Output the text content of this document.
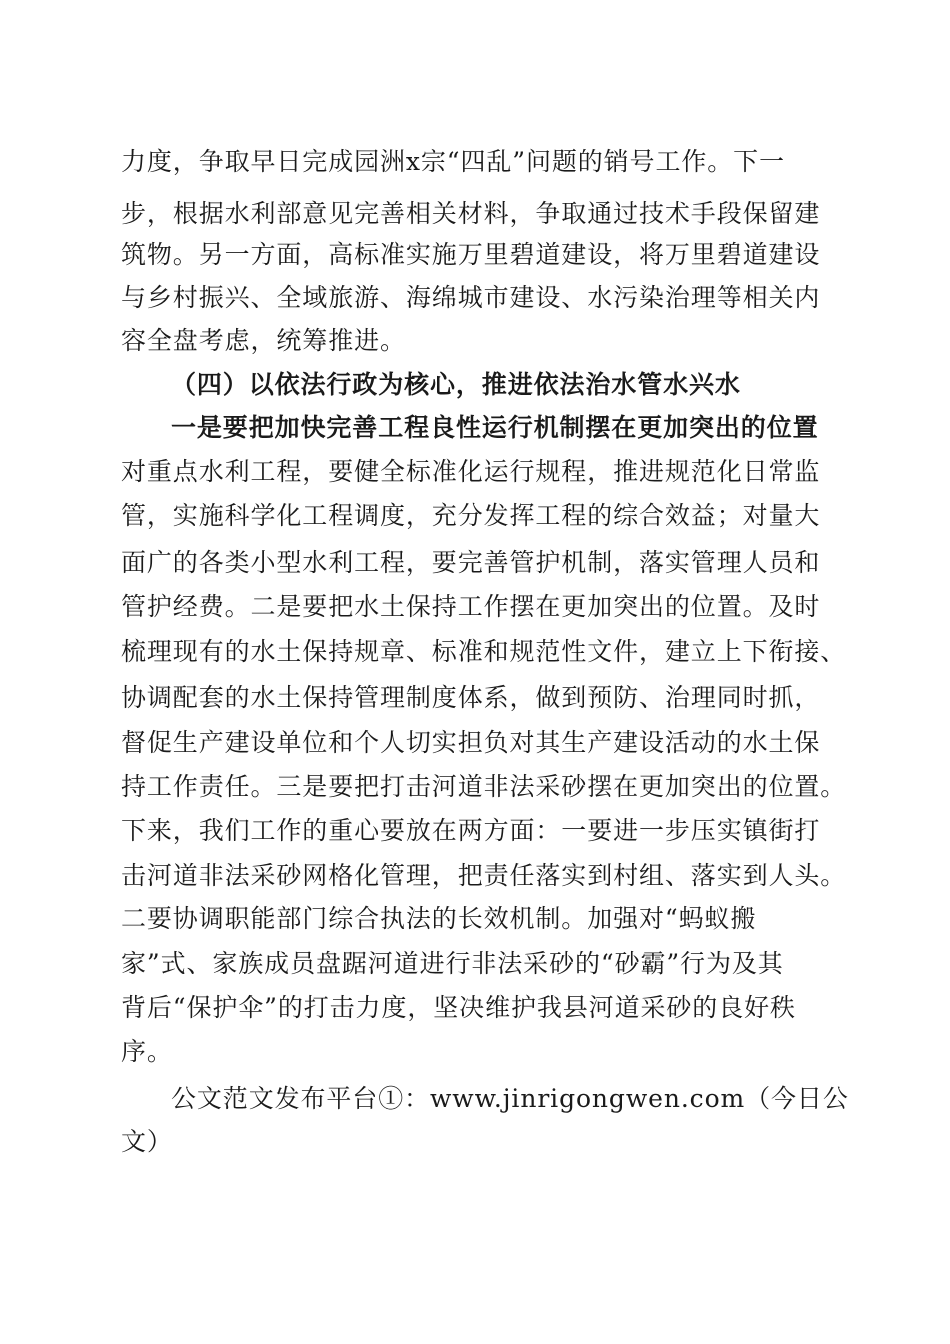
力度，争取早日完成园洲x宗“四乱”问题的销号工作。下一
步，根据水利部意见完善相关材料，争取通过技术手段保留建
筑物。另一方面，高标准实施万里碧道建设，将万里碧道建设
与乡村振兴、全域旅游、海绵城市建设、水污染治理等相关内
容全盘考虑，统筹推进。
（四）以依法行政为核心，推进依法治水管水兴水
一是要把加快完善工程良性运行机制摆在更加突出的位置
对重点水利工程，要健全标准化运行规程，推进规范化日常监
管，实施科学化工程调度，充分发挥工程的综合效益；对量大
面广的各类小型水利工程，要完善管护机制，落实管理人员和
管护经费。二是要把水土保持工作摆在更加突出的位置。及时
梳理现有的水土保持规章、标准和规范性文件，建立上下衔接、
协调配套的水土保持管理制度体系，做到预防、治理同时抓，
督促生产建设单位和个人切实担负对其生产建设活动的水土保
持工作责任。三是要把打击河道非法采砂摆在更加突出的位置。
下来，我们工作的重心要放在两方面：一要进一步压实镇街打
击河道非法采砂网格化管理，把责任落实到村组、落实到人头。
二要协调职能部门综合执法的长效机制。加强对“蚂蚁搬
家”式、家族成员盘踞河道进行非法采砂的“砂霸”行为及其
背后“保护伞”的打击力度，坚决维护我县河道采砂的良好秩
序。
公文范文发布平台①：www.jinrigongwen.com（今日公
文）
